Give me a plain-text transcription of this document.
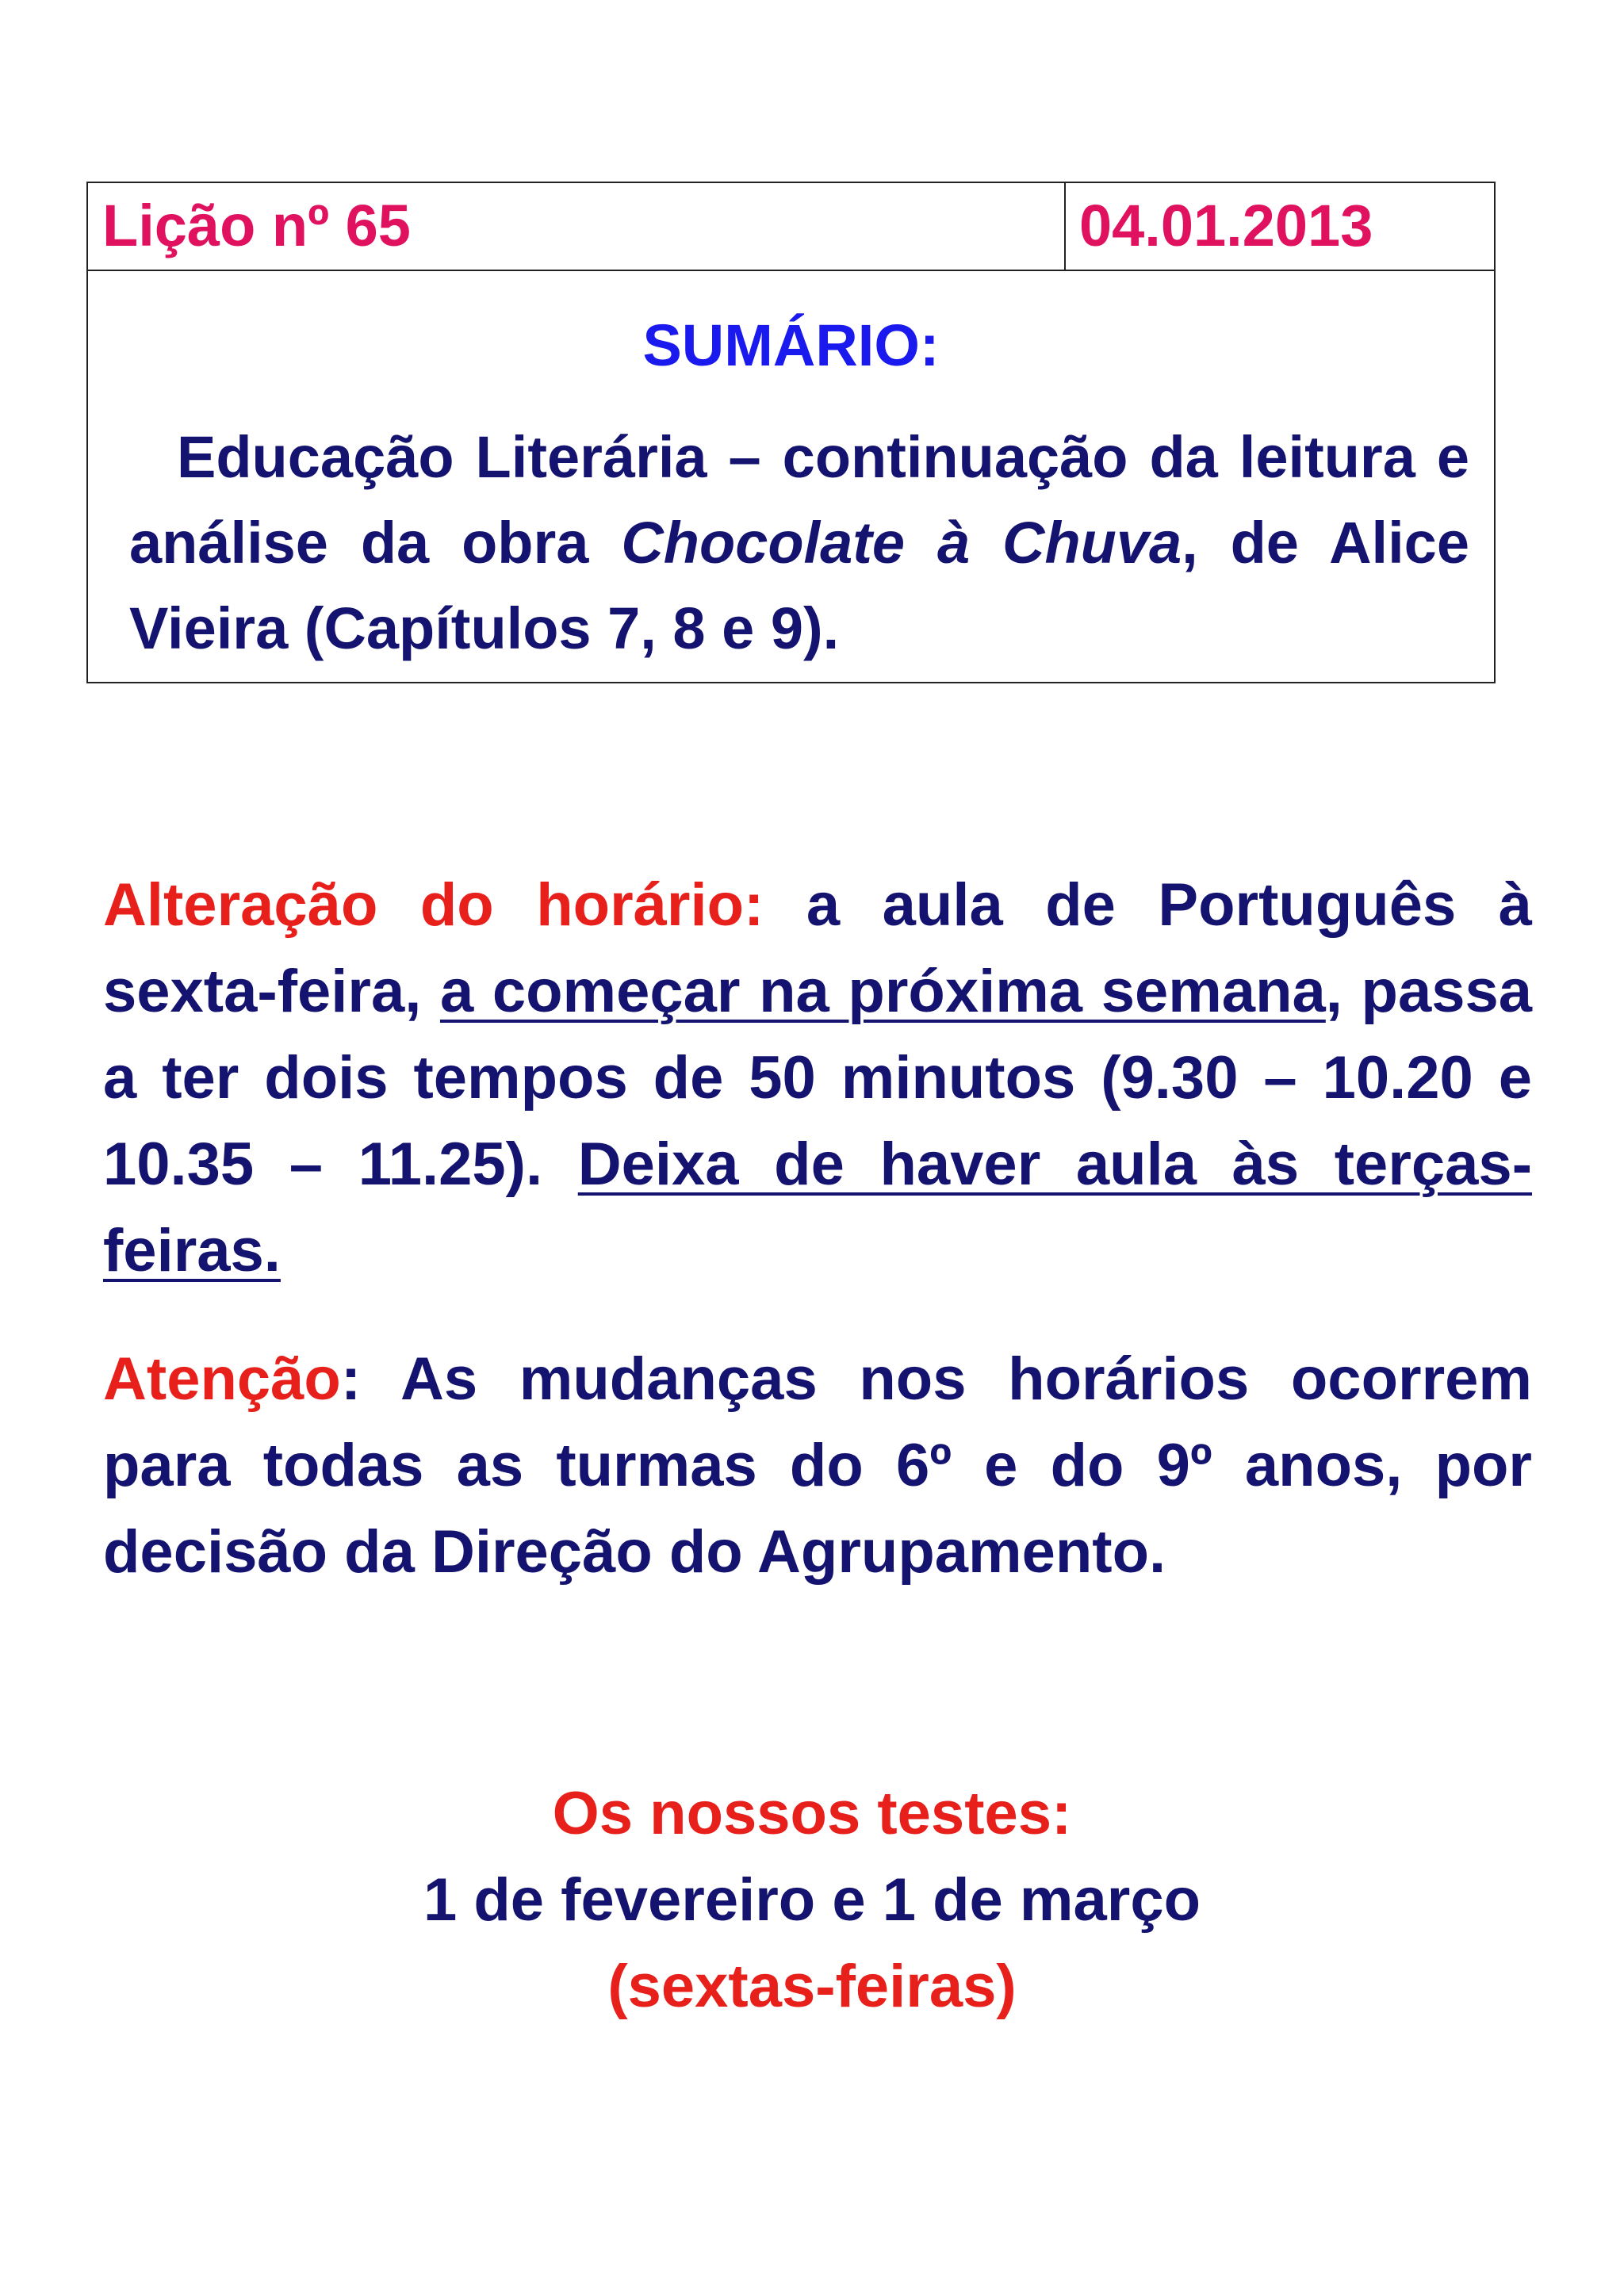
Lição nº 65	04.01.2013
SUMÁRIO:

Educação Literária – continuação da leitura e análise da obra Chocolate à Chuva, de Alice Vieira (Capítulos 7, 8 e 9).

Alteração do horário: a aula de Português à sexta-feira, a começar na próxima semana, passa a ter dois tempos de 50 minutos (9.30 – 10.20 e 10.35 – 11.25). Deixa de haver aula às terças-feiras.

Atenção: As mudanças nos horários ocorrem para todas as turmas do 6º e do 9º anos, por decisão da Direção do Agrupamento.

Os nossos testes:
1 de fevereiro e 1 de março
(sextas-feiras)
